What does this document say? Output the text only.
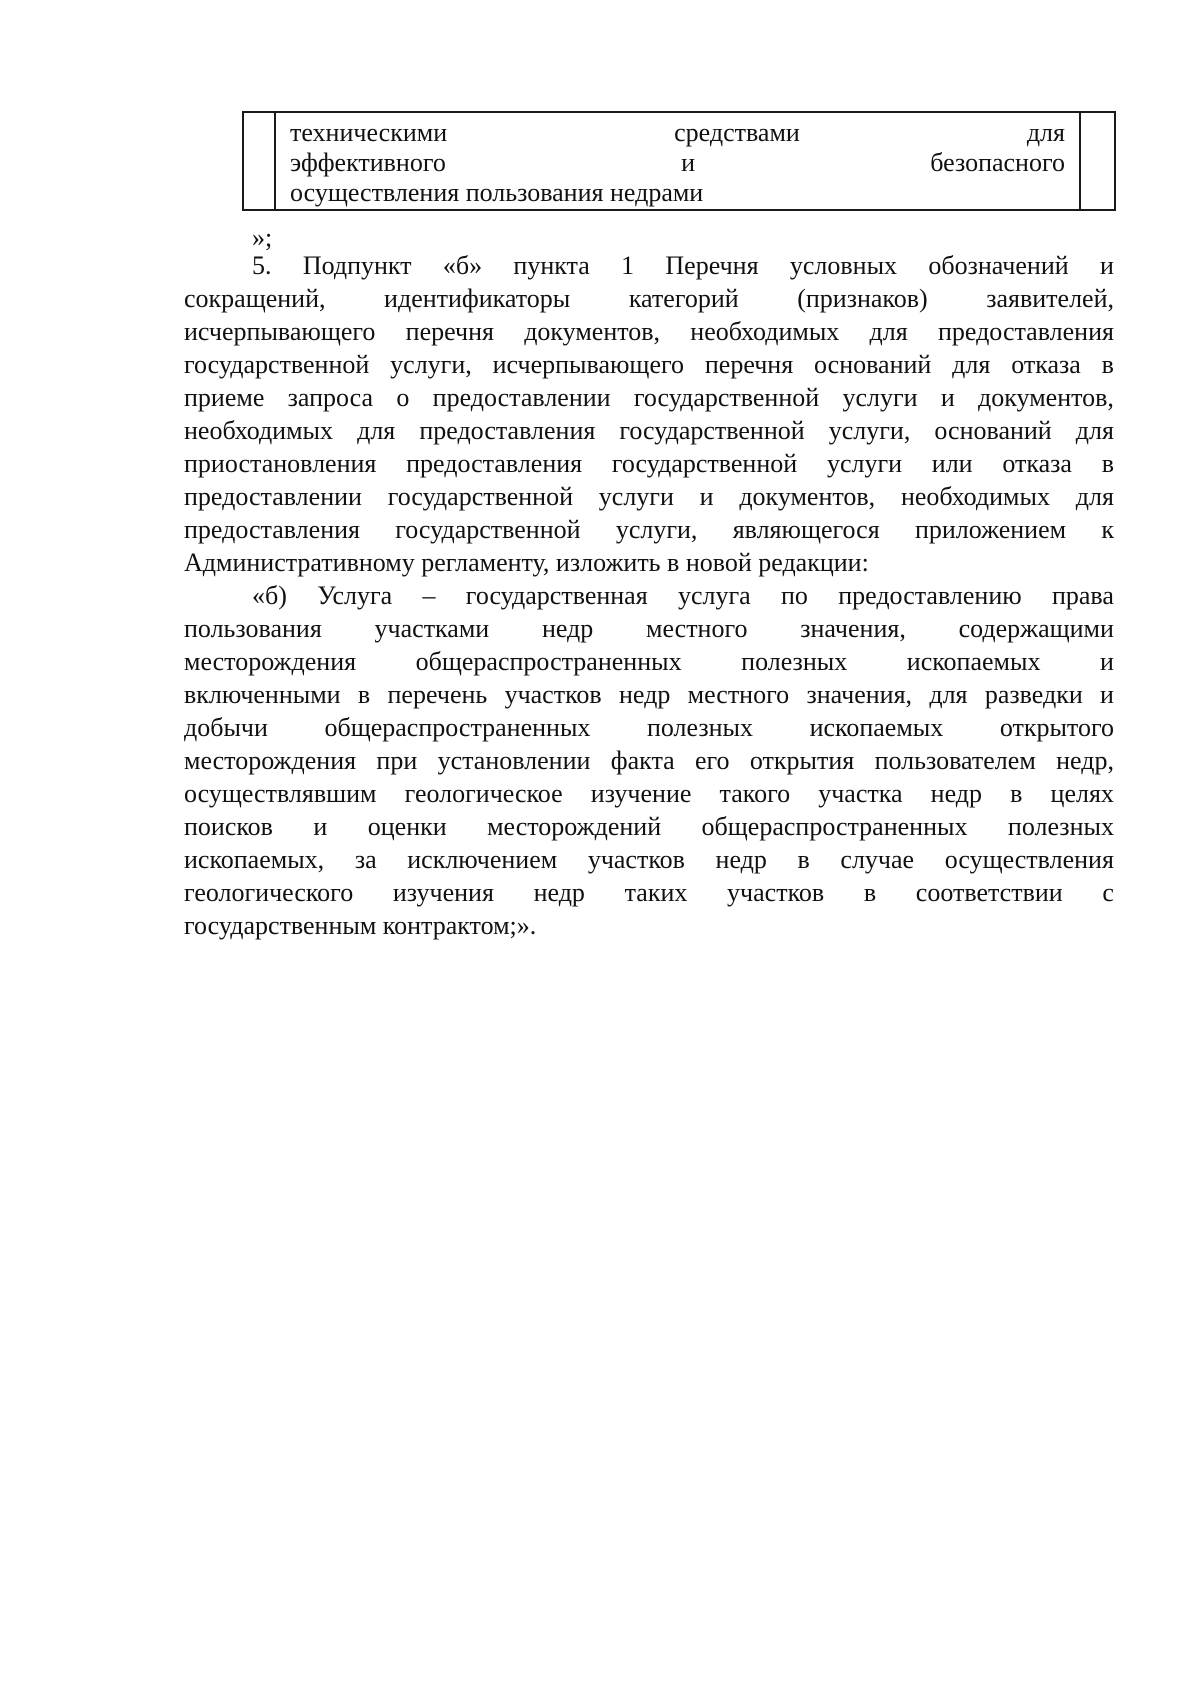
техническими	средствами	для
эффективного	и	безопасного
осуществления пользования недрами
»;
5. Подпункт «б» пункта 1 Перечня условных обозначений и
сокращений, идентификаторы категорий (признаков) заявителей,
исчерпывающего перечня документов, необходимых для предоставления
государственной услуги, исчерпывающего перечня оснований для отказа в
приеме запроса о предоставлении государственной услуги и документов,
необходимых для предоставления государственной услуги, оснований для
приостановления предоставления государственной услуги или отказа в
предоставлении государственной услуги и документов, необходимых для
предоставления государственной услуги, являющегося приложением к
Административному регламенту, изложить в новой редакции:
«б) Услуга – государственная услуга по предоставлению права
пользования участками недр местного значения, содержащими
месторождения общераспространенных полезных ископаемых и
включенными в перечень участков недр местного значения, для разведки и
добычи общераспространенных полезных ископаемых открытого
месторождения при установлении факта его открытия пользователем недр,
осуществлявшим геологическое изучение такого участка недр в целях
поисков и оценки месторождений общераспространенных полезных
ископаемых, за исключением участков недр в случае осуществления
геологического изучения недр таких участков в соответствии с
государственным контрактом;».
